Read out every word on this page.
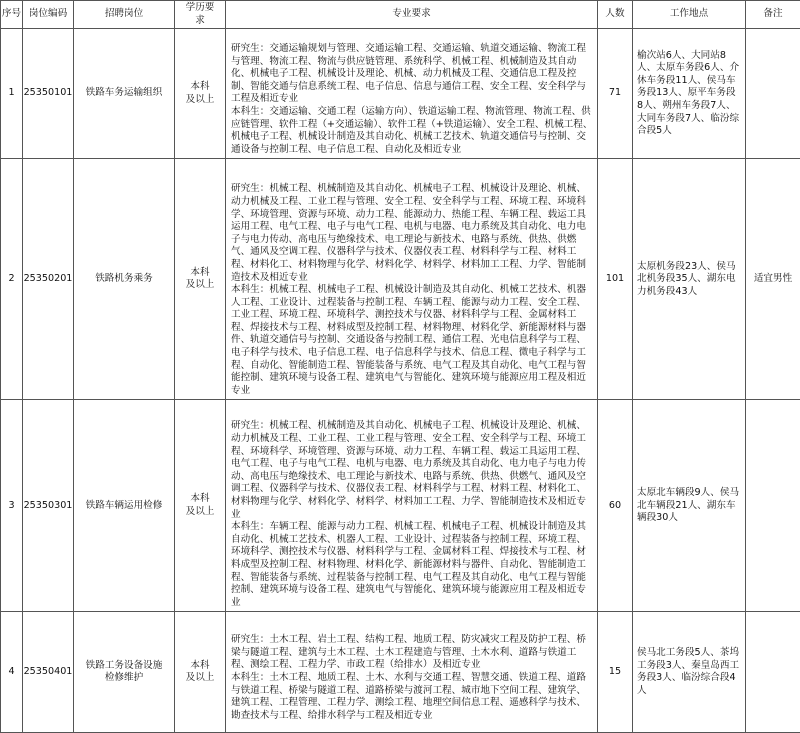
序号	岗位编码	招聘岗位	学历要求	专业要求	人数	工作地点	备注
1	25350101	铁路车务运输组织	本科
及以上	研究生：交通运输规划与管理、交通运输工程、交通运输、轨道交通运输、物流工程与管理、物流工程、物流与供应链管理、系统科学、机械工程、机械制造及其自动化、机械电子工程、机械设计及理论、机械、动力机械及工程、交通信息工程及控制、智能交通与信息系统工程、电子信息、信息与通信工程、安全工程、安全科学与工程及相近专业
本科生：交通运输、交通工程（运输方向）、铁道运输工程、物流管理、物流工程、供应链管理、软件工程（+交通运输）、软件工程（+铁道运输）、安全工程、机械工程、机械电子工程、机械设计制造及其自动化、机械工艺技术、轨道交通信号与控制、交通设备与控制工程、电子信息工程、自动化及相近专业	71	榆次站6人、大同站8人、太原车务段6人、介休车务段11人、侯马车务段13人、原平车务段8人、朔州车务段7人、大同车务段7人、临汾综合段5人	
2	25350201	铁路机务乘务	本科
及以上	研究生：机械工程、机械制造及其自动化、机械电子工程、机械设计及理论、机械、动力机械及工程、工业工程与管理、安全工程、安全科学与工程、环境工程、环境科学、环境管理、资源与环境、动力工程、能源动力、热能工程、车辆工程、载运工具运用工程、电气工程、电子与电气工程、电机与电器、电力系统及其自动化、电力电子与电力传动、高电压与绝缘技术、电工理论与新技术、电路与系统、供热、供燃气、通风及空调工程、仪器科学与技术、仪器仪表工程、材料科学与工程、材料工程、材料化工、材料物理与化学、材料化学、材料学、材料加工工程、力学、智能制造技术及相近专业
本科生：机械工程、机械电子工程、机械设计制造及其自动化、机械工艺技术、机器人工程、工业设计、过程装备与控制工程、车辆工程、能源与动力工程、安全工程、工业工程、环境工程、环境科学、测控技术与仪器、材料科学与工程、金属材料工程、焊接技术与工程、材料成型及控制工程、材料物理、材料化学、新能源材料与器件、轨道交通信号与控制、交通设备与控制工程、通信工程、光电信息科学与工程、电子科学与技术、电子信息工程、电子信息科学与技术、信息工程、微电子科学与工程、自动化、智能制造工程、智能装备与系统、电气工程及其自动化、电气工程与智能控制、建筑环境与设备工程、建筑电气与智能化、建筑环境与能源应用工程及相近专业	101	太原机务段23人、侯马北机务段35人、湖东电力机务段43人	适宜男性
3	25350301	铁路车辆运用检修	本科
及以上	研究生：机械工程、机械制造及其自动化、机械电子工程、机械设计及理论、机械、动力机械及工程、工业工程、工业工程与管理、安全工程、安全科学与工程、环境工程、环境科学、环境管理、资源与环境、动力工程、车辆工程、载运工具运用工程、电气工程、电子与电气工程、电机与电器、电力系统及其自动化、电力电子与电力传动、高电压与绝缘技术、电工理论与新技术、电路与系统、供热、供燃气、通风及空调工程、仪器科学与技术、仪器仪表工程、材料科学与工程、材料工程、材料化工、材料物理与化学、材料化学、材料学、材料加工工程、力学、智能制造技术及相近专业
本科生：车辆工程、能源与动力工程、机械工程、机械电子工程、机械设计制造及其自动化、机械工艺技术、机器人工程、工业设计、过程装备与控制工程、环境工程、环境科学、测控技术与仪器、材料科学与工程、金属材料工程、焊接技术与工程、材料成型及控制工程、材料物理、材料化学、新能源材料与器件、自动化、智能制造工程、智能装备与系统、过程装备与控制工程、电气工程及其自动化、电气工程与智能控制、建筑环境与设备工程、建筑电气与智能化、建筑环境与能源应用工程及相近专业	60	太原北车辆段9人、侯马北车辆段21人、湖东车辆段30人	
4	25350401	铁路工务设备设施
检修维护	本科
及以上	研究生：土木工程、岩土工程、结构工程、地质工程、防灾减灾工程及防护工程、桥梁与隧道工程、建筑与土木工程、土木工程建造与管理、土木水利、道路与铁道工程、测绘工程、工程力学、市政工程（给排水）及相近专业
本科生：土木工程、地质工程、土木、水利与交通工程、智慧交通、铁道工程、道路与铁道工程、桥梁与隧道工程、道路桥梁与渡河工程、城市地下空间工程、建筑学、建筑工程、工程管理、工程力学、测绘工程、地理空间信息工程、遥感科学与技术、勘查技术与工程、给排水科学与工程及相近专业	15	侯马北工务段5人、茶坞工务段3人、秦皇岛西工务段3人、临汾综合段4人	
